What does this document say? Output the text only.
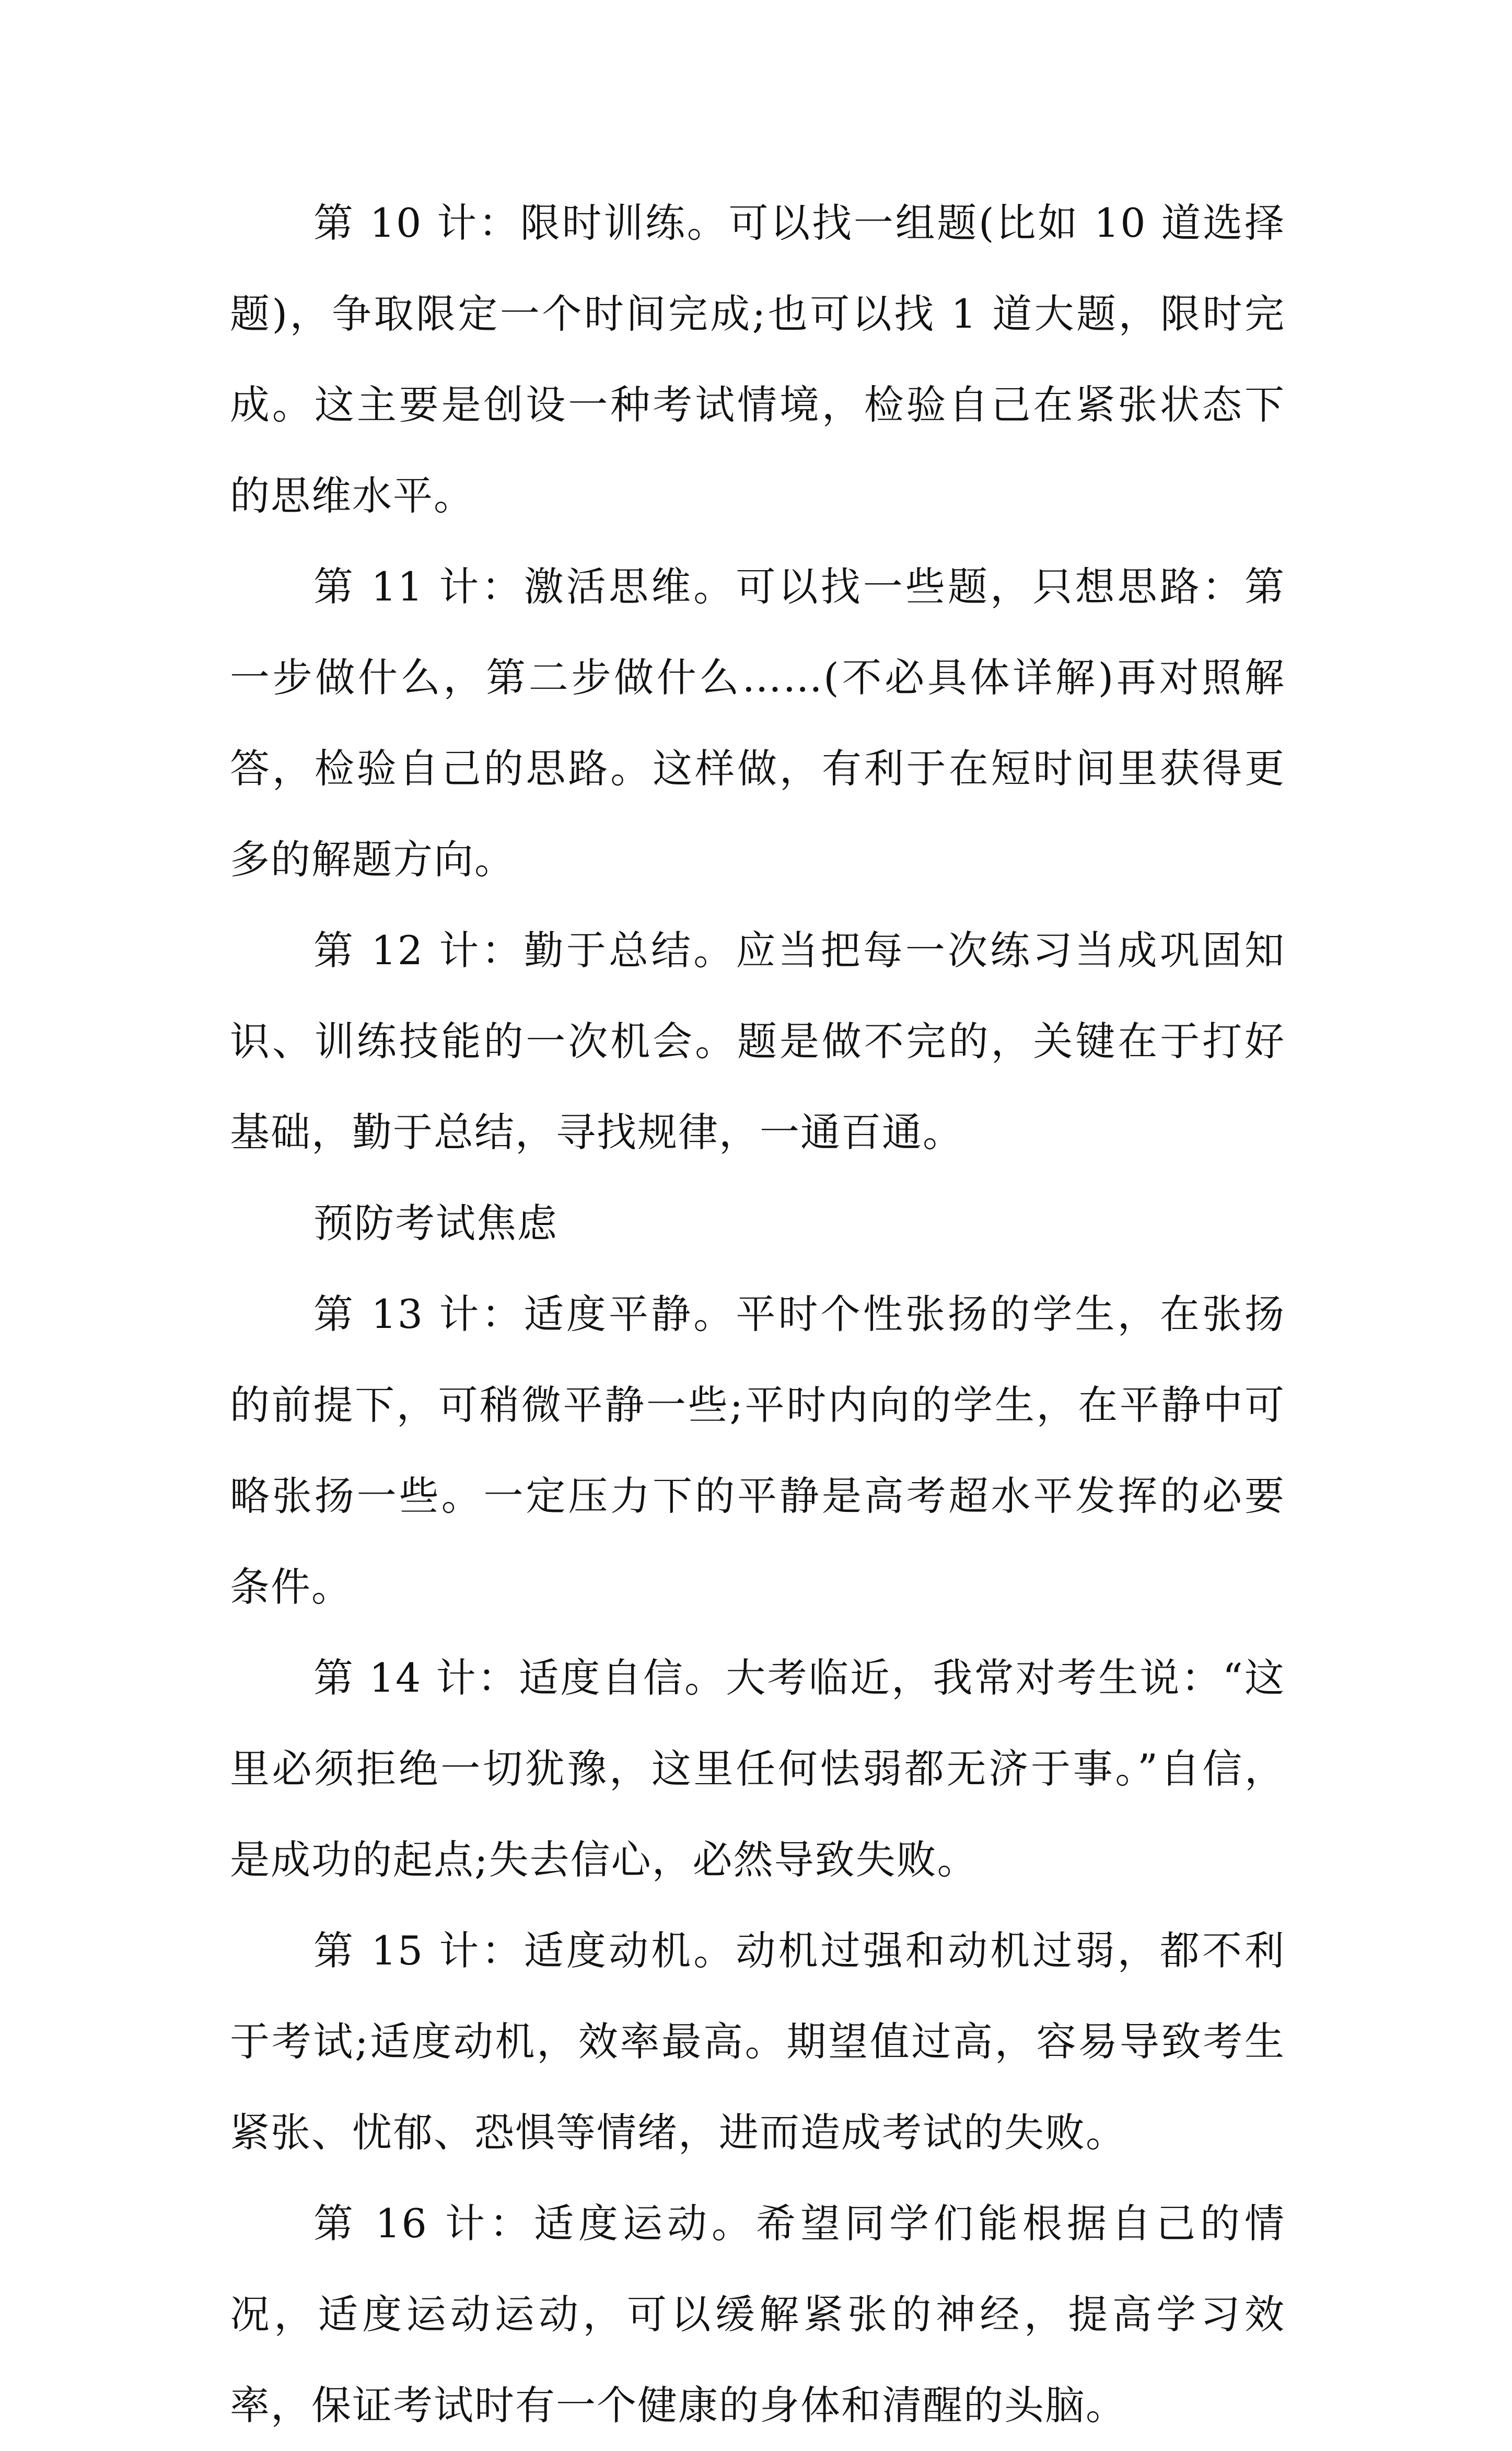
第 10 计：限时训练。可以找一组题(比如 10 道选择题)，争取限定一个时间完成;也可以找 1 道大题，限时完成。这主要是创设一种考试情境，检验自己在紧张状态下的思维水平。

第 11 计：激活思维。可以找一些题，只想思路：第一步做什么，第二步做什么……(不必具体详解)再对照解答，检验自己的思路。这样做，有利于在短时间里获得更多的解题方向。

第 12 计：勤于总结。应当把每一次练习当成巩固知识、训练技能的一次机会。题是做不完的，关键在于打好基础，勤于总结，寻找规律，一通百通。

预防考试焦虑

第 13 计：适度平静。平时个性张扬的学生，在张扬的前提下，可稍微平静一些;平时内向的学生，在平静中可略张扬一些。一定压力下的平静是高考超水平发挥的必要条件。

第 14 计：适度自信。大考临近，我常对考生说：“这里必须拒绝一切犹豫，这里任何怯弱都无济于事。”自信，是成功的起点;失去信心，必然导致失败。

第 15 计：适度动机。动机过强和动机过弱，都不利于考试;适度动机，效率最高。期望值过高，容易导致考生紧张、忧郁、恐惧等情绪，进而造成考试的失败。

第 16 计：适度运动。希望同学们能根据自己的情况，适度运动运动，可以缓解紧张的神经，提高学习效率，保证考试时有一个健康的身体和清醒的头脑。
